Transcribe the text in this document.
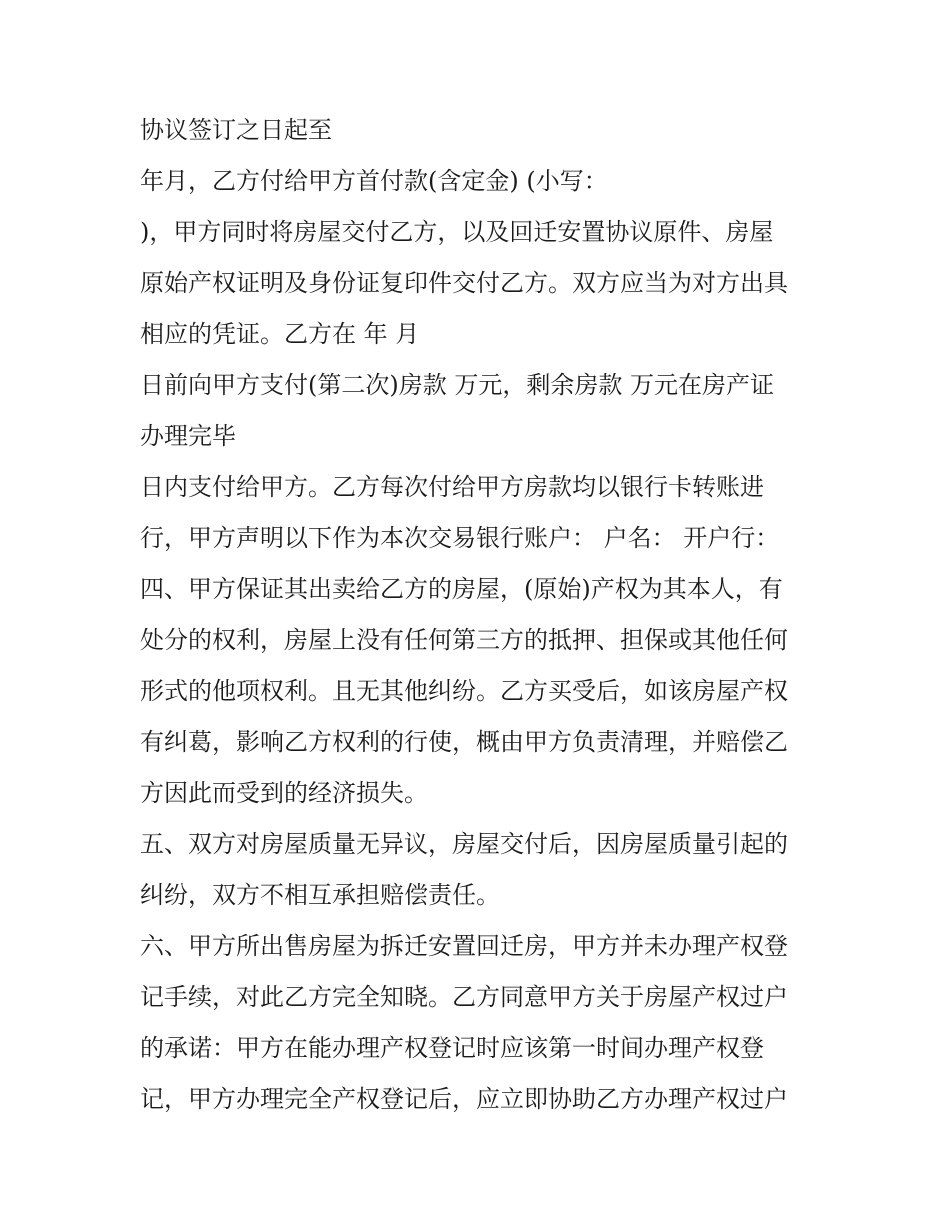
协议签订之日起至
年月，乙方付给甲方首付款(含定金) (小写：
)，甲方同时将房屋交付乙方，以及回迁安置协议原件、房屋
原始产权证明及身份证复印件交付乙方。双方应当为对方出具
相应的凭证。乙方在 年 月
日前向甲方支付(第二次)房款 万元，剩余房款 万元在房产证
办理完毕
日内支付给甲方。乙方每次付给甲方房款均以银行卡转账进
行，甲方声明以下作为本次交易银行账户： 户名： 开户行：
四、甲方保证其出卖给乙方的房屋，(原始)产权为其本人，有
处分的权利，房屋上没有任何第三方的抵押、担保或其他任何
形式的他项权利。且无其他纠纷。乙方买受后，如该房屋产权
有纠葛，影响乙方权利的行使，概由甲方负责清理，并赔偿乙
方因此而受到的经济损失。
五、双方对房屋质量无异议，房屋交付后，因房屋质量引起的
纠纷，双方不相互承担赔偿责任。
六、甲方所出售房屋为拆迁安置回迁房，甲方并未办理产权登
记手续，对此乙方完全知晓。乙方同意甲方关于房屋产权过户
的承诺：甲方在能办理产权登记时应该第一时间办理产权登
记，甲方办理完全产权登记后，应立即协助乙方办理产权过户
